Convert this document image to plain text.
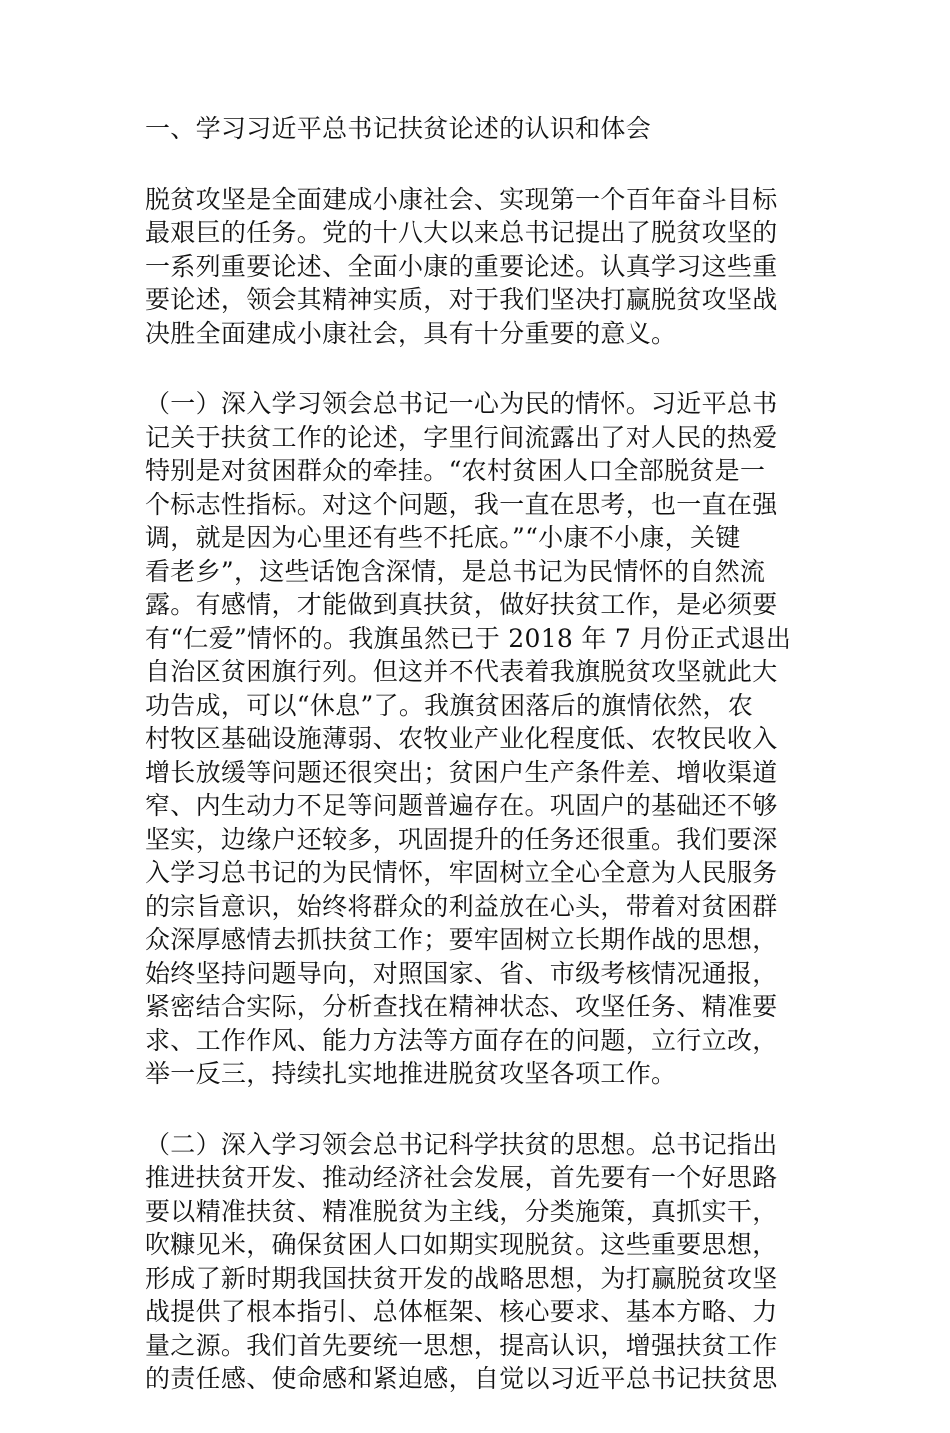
一、学习习近平总书记扶贫论述的认识和体会
脱贫攻坚是全面建成小康社会、实现第一个百年奋斗目标
最艰巨的任务。党的十八大以来总书记提出了脱贫攻坚的
一系列重要论述、全面小康的重要论述。认真学习这些重
要论述，领会其精神实质，对于我们坚决打赢脱贫攻坚战
决胜全面建成小康社会，具有十分重要的意义。
（一）深入学习领会总书记一心为民的情怀。习近平总书
记关于扶贫工作的论述，字里行间流露出了对人民的热爱
特别是对贫困群众的牵挂。“农村贫困人口全部脱贫是一
个标志性指标。对这个问题，我一直在思考，也一直在强
调，就是因为心里还有些不托底。”“小康不小康，关键
看老乡”，这些话饱含深情，是总书记为民情怀的自然流
露。有感情，才能做到真扶贫，做好扶贫工作，是必须要
有“仁爱”情怀的。我旗虽然已于 2018 年 7 月份正式退出
自治区贫困旗行列。但这并不代表着我旗脱贫攻坚就此大
功告成，可以“休息”了。我旗贫困落后的旗情依然，农
村牧区基础设施薄弱、农牧业产业化程度低、农牧民收入
增长放缓等问题还很突出；贫困户生产条件差、增收渠道
窄、内生动力不足等问题普遍存在。巩固户的基础还不够
坚实，边缘户还较多，巩固提升的任务还很重。我们要深
入学习总书记的为民情怀，牢固树立全心全意为人民服务
的宗旨意识，始终将群众的利益放在心头，带着对贫困群
众深厚感情去抓扶贫工作；要牢固树立长期作战的思想，
始终坚持问题导向，对照国家、省、市级考核情况通报，
紧密结合实际，分析查找在精神状态、攻坚任务、精准要
求、工作作风、能力方法等方面存在的问题，立行立改，
举一反三，持续扎实地推进脱贫攻坚各项工作。
（二）深入学习领会总书记科学扶贫的思想。总书记指出
推进扶贫开发、推动经济社会发展，首先要有一个好思路
要以精准扶贫、精准脱贫为主线，分类施策，真抓实干，
吹糠见米，确保贫困人口如期实现脱贫。这些重要思想，
形成了新时期我国扶贫开发的战略思想，为打赢脱贫攻坚
战提供了根本指引、总体框架、核心要求、基本方略、力
量之源。我们首先要统一思想，提高认识，增强扶贫工作
的责任感、使命感和紧迫感，自觉以习近平总书记扶贫思
